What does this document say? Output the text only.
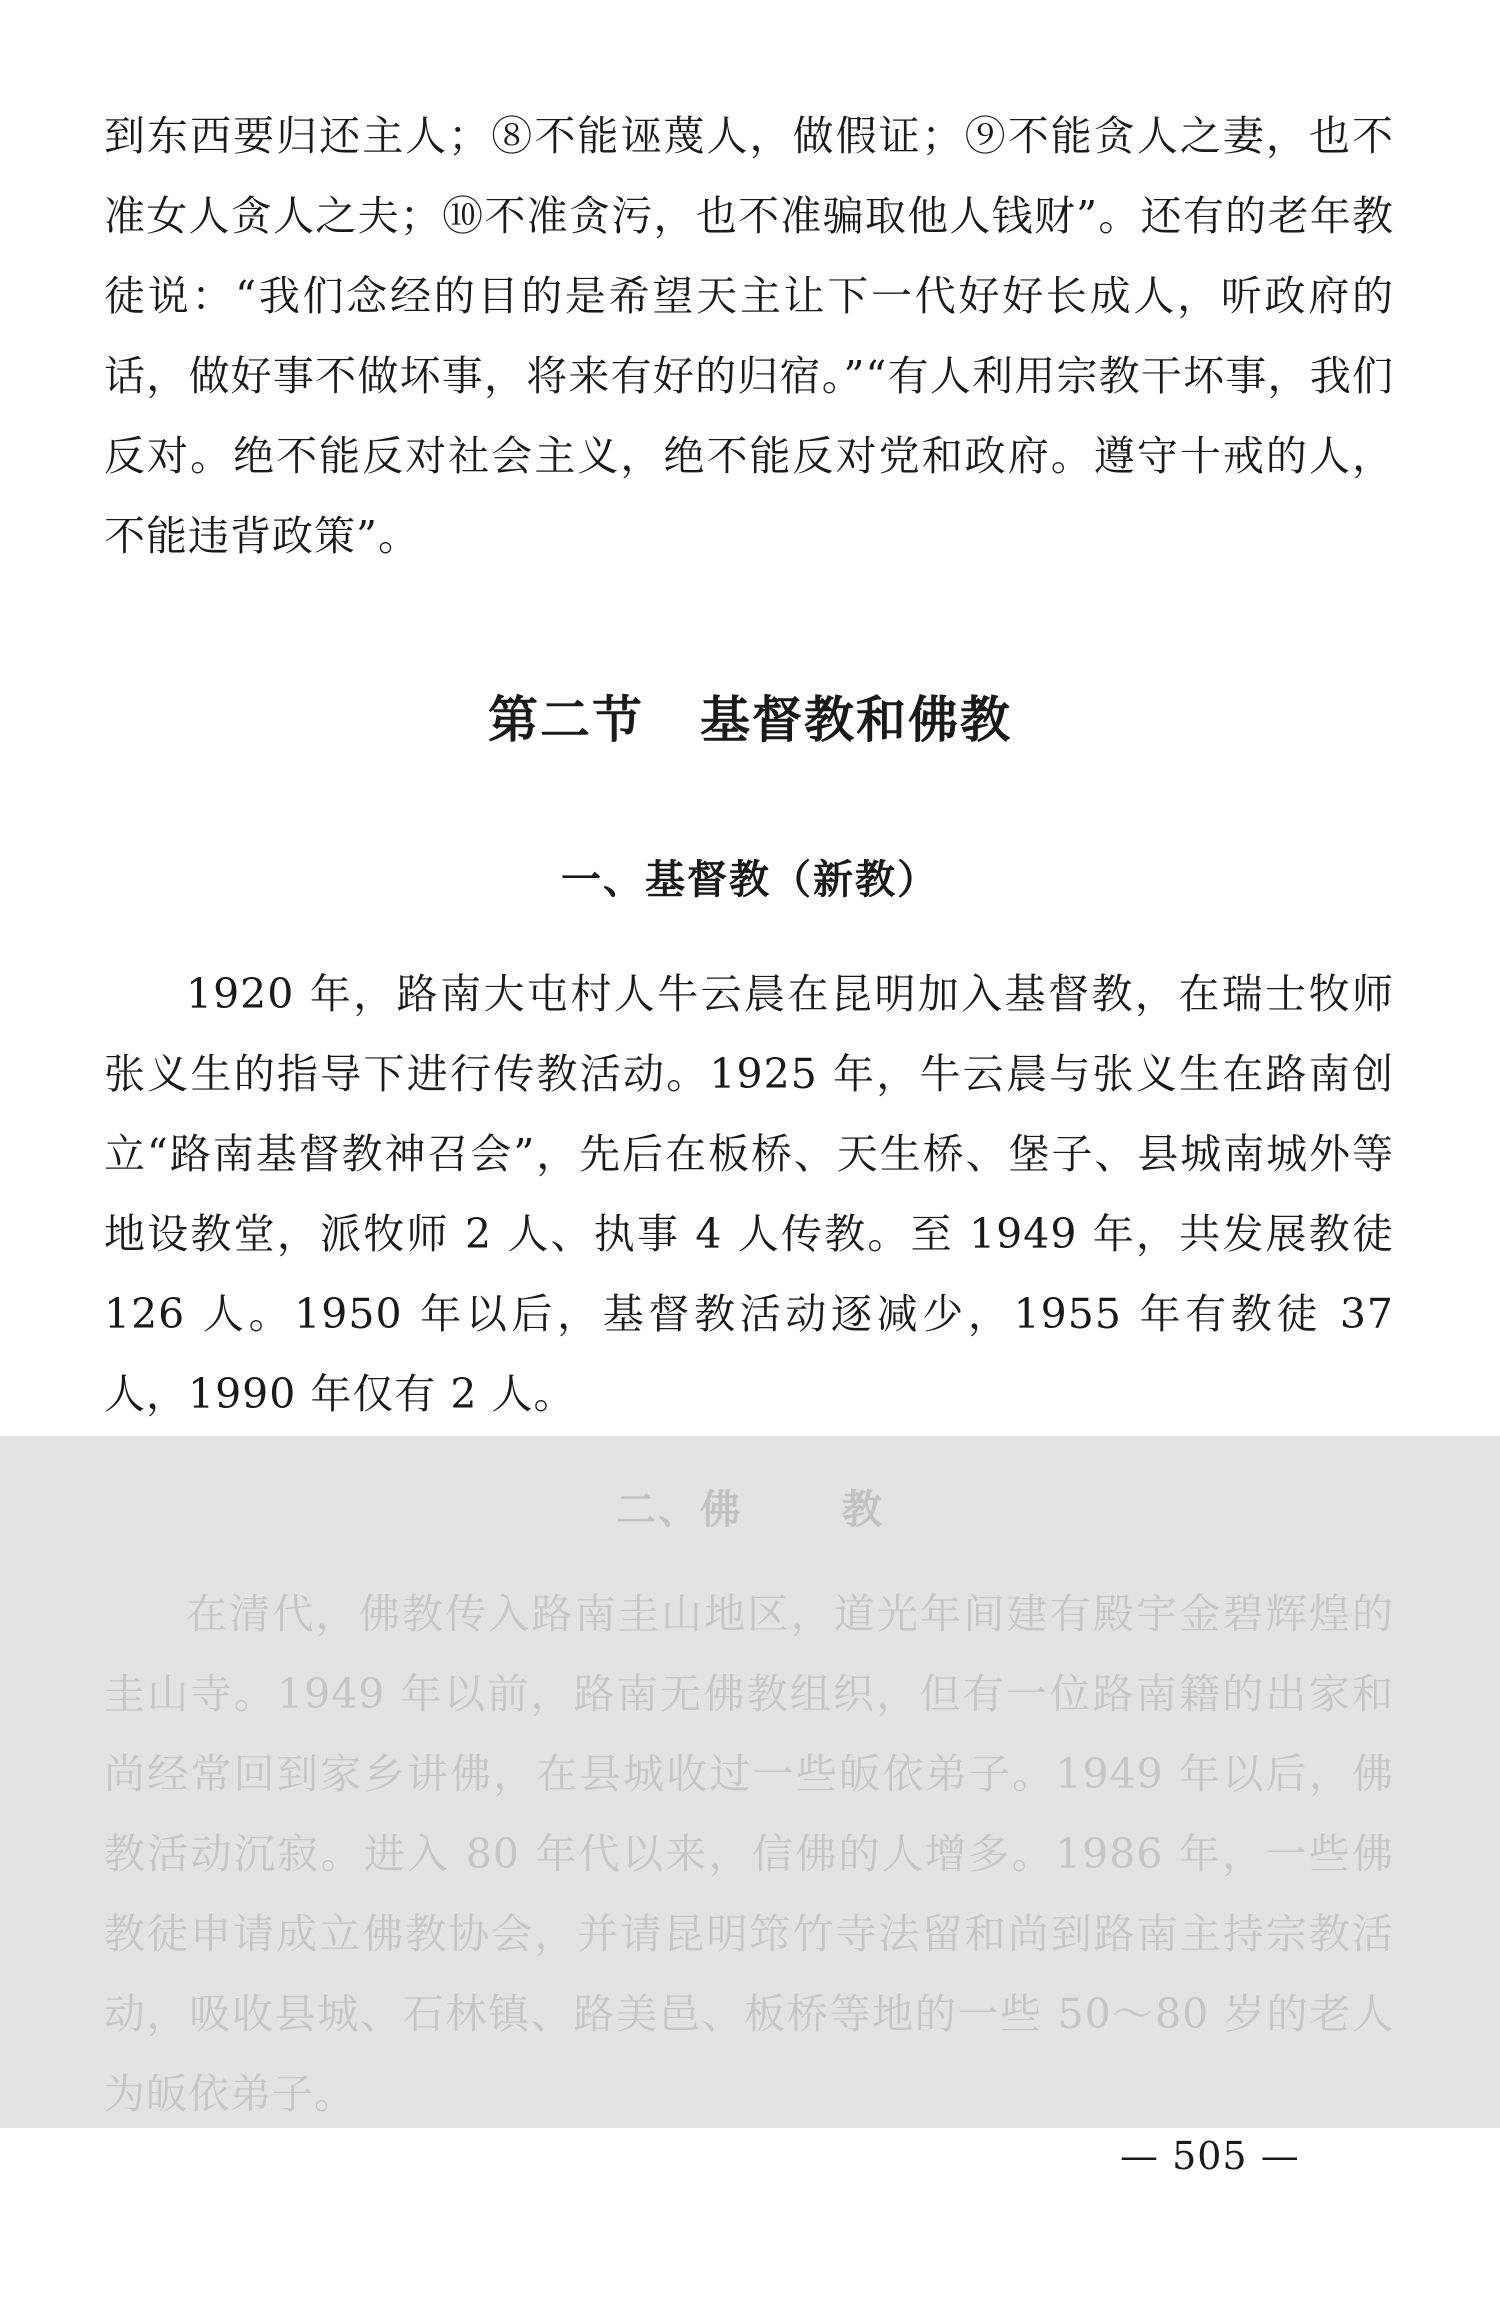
到东西要归还主人；⑧不能诬蔑人，做假证；⑨不能贪人之妻，也不准女人贪人之夫；⑩不准贪污，也不准骗取他人钱财”。还有的老年教徒说：“我们念经的目的是希望天主让下一代好好长成人，听政府的话，做好事不做坏事，将来有好的归宿。”“有人利用宗教干坏事，我们反对。绝不能反对社会主义，绝不能反对党和政府。遵守十戒的人，不能违背政策”。

第二节 基督教和佛教
一、基督教（新教）

1920 年，路南大屯村人牛云晨在昆明加入基督教，在瑞士牧师张义生的指导下进行传教活动。1925 年，牛云晨与张义生在路南创立“路南基督教神召会”，先后在板桥、天生桥、堡子、县城南城外等地设教堂，派牧师 2 人、执事 4 人传教。至 1949 年，共发展教徒 126 人。1950 年以后，基督教活动逐减少，1955 年有教徒 37 人，1990 年仅有 2 人。

二、佛	教

在清代，佛教传入路南圭山地区，道光年间建有殿宇金碧辉煌的圭山寺。1949 年以前，路南无佛教组织，但有一位路南籍的出家和尚经常回到家乡讲佛，在县城收过一些皈依弟子。1949 年以后，佛教活动沉寂。进入 80 年代以来，信佛的人增多。1986 年，一些佛教徒申请成立佛教协会，并请昆明筇竹寺法留和尚到路南主持宗教活动，吸收县城、石林镇、路美邑、板桥等地的一些 50～80 岁的老人为皈依弟子。

— 505 —
